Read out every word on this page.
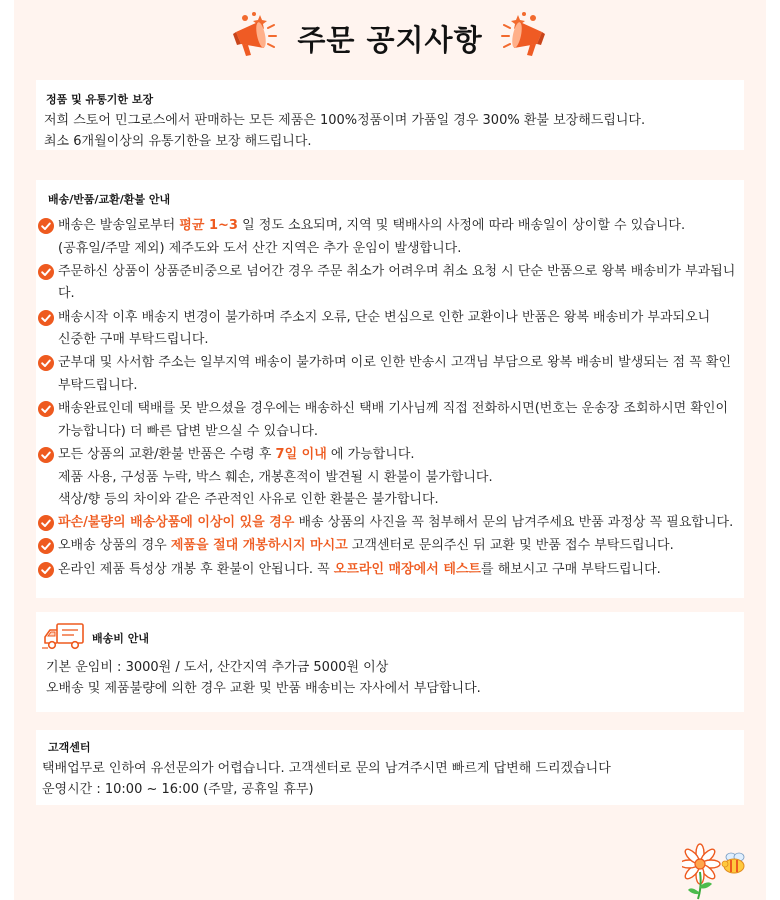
주문 공지사항
정품 및 유통기한 보장
저희 스토어 민그로스에서 판매하는 모든 제품은 100%정품이며 가품일 경우 300% 환불 보장해드립니다.
최소 6개월이상의 유통기한을 보장 해드립니다.
배송/반품/교환/환불 안내
배송은 발송일로부터 평균 1~3 일 정도 소요되며, 지역 및 택배사의 사정에 따라 배송일이 상이할 수 있습니다.
(공휴일/주말 제외) 제주도와 도서 산간 지역은 추가 운임이 발생합니다.
주문하신 상품이 상품준비중으로 넘어간 경우 주문 취소가 어려우며 취소 요청 시 단순 반품으로 왕복 배송비가 부과됩니
다.
배송시작 이후 배송지 변경이 불가하며 주소지 오류, 단순 변심으로 인한 교환이나 반품은 왕복 배송비가 부과되오니
신중한 구매 부탁드립니다.
군부대 및 사서함 주소는 일부지역 배송이 불가하며 이로 인한 반송시 고객님 부담으로 왕복 배송비 발생되는 점 꼭 확인
부탁드립니다.
배송완료인데 택배를 못 받으셨을 경우에는 배송하신 택배 기사님께 직접 전화하시면(번호는 운송장 조회하시면 확인이
가능합니다) 더 빠른 답변 받으실 수 있습니다.
모든 상품의 교환/환불 반품은 수령 후 7일 이내 에 가능합니다.
제품 사용, 구성품 누락, 박스 훼손, 개봉흔적이 발견될 시 환불이 불가합니다.
색상/향 등의 차이와 같은 주관적인 사유로 인한 환불은 불가합니다.
파손/불량의 배송상품에 이상이 있을 경우 배송 상품의 사진을 꼭 첨부해서 문의 남겨주세요 반품 과정상 꼭 필요합니다.
오배송 상품의 경우 제품을 절대 개봉하시지 마시고 고객센터로 문의주신 뒤 교환 및 반품 접수 부탁드립니다.
온라인 제품 특성상 개봉 후 환불이 안됩니다. 꼭 오프라인 매장에서 테스트를 해보시고 구매 부탁드립니다.
배송비 안내
기본 운임비 : 3000원 / 도서, 산간지역 추가금 5000원 이상
오배송 및 제품불량에 의한 경우 교환 및 반품 배송비는 자사에서 부담합니다.
고객센터
택배업무로 인하여 유선문의가 어렵습니다. 고객센터로 문의 남겨주시면 빠르게 답변해 드리겠습니다
운영시간 : 10:00 ~ 16:00 (주말, 공휴일 휴무)
